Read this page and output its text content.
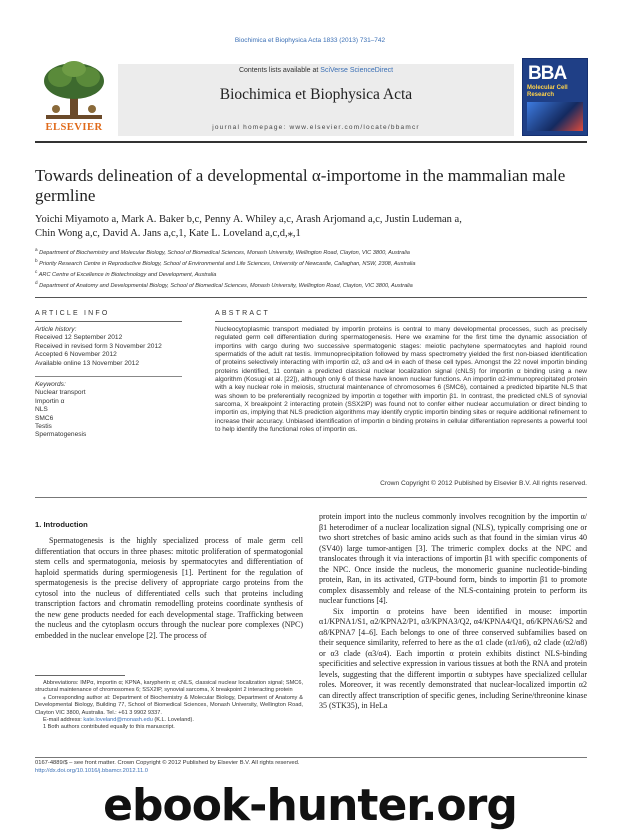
Biochimica et Biophysica Acta 1833 (2013) 731–742
ELSEVIER
Contents lists available at SciVerse ScienceDirect
Biochimica et Biophysica Acta
journal homepage: www.elsevier.com/locate/bbamcr
BBA
Molecular Cell Research
Towards delineation of a developmental α-importome in the mammalian male germline
Yoichi Miyamoto a, Mark A. Baker b,c, Penny A. Whiley a,c, Arash Arjomand a,c, Justin Ludeman a,
Chin Wong a,c, David A. Jans a,c,1, Kate L. Loveland a,c,d,⁎,1
$^a$ Department of Biochemistry and Molecular Biology, School of Biomedical Sciences, Monash University, Wellington Road, Clayton, VIC 3800, Australia
$^b$ Priority Research Centre in Reproductive Biology, School of Environmental and Life Sciences, University of Newcastle, Callaghan, NSW, 2308, Australia
$^c$ ARC Centre of Excellence in Biotechnology and Development, Australia
$^d$ Department of Anatomy and Developmental Biology, School of Biomedical Sciences, Monash University, Wellington Road, Clayton, VIC 3800, Australia
ARTICLE INFO	ABSTRACT
Article history:
Received 12 September 2012
Received in revised form 3 November 2012
Accepted 6 November 2012
Available online 13 November 2012
Keywords:
Nuclear transport
Importin α
NLS
SMC6
Testis
Spermatogenesis
Nucleocytoplasmic transport mediated by importin proteins is central to many developmental processes, such as precisely regulated germ cell differentiation during spermatogenesis. Here we examine for the first time the dynamic association of importins with cargo during two successive spermatogenic stages: meiotic pachytene spermatocytes and haploid round spermatids of the adult rat testis. Immunoprecipitation followed by mass spectrometry yielded the first non-biased identification of proteins selectively interacting with importin α2, α3 and α4 in each of these cell types. Amongst the 22 novel importin binding proteins identified, 11 contain a predicted classical nuclear localization signal (cNLS) for importin α binding using a new algorithm (Kosugi et al. [22]), although only 6 of these have known nuclear functions. An importin α2-immunoprecipitated protein with a key nuclear role in meiosis, structural maintenance of chromosomes 6 (SMC6), contained a predicted bipartite NLS that was shown to be preferentially recognized by importin α together with importin β1. In contrast, the predicted cNLS of synovial sarcoma, X breakpoint 2 interacting protein (SSX2IP) was found not to confer either nuclear accumulation or direct binding to importin αs, implying that NLS prediction algorithms may identify cryptic importin binding sites or require additional refinement to increase their accuracy. Unbiased identification of importin α binding proteins in cellular differentiation represents a powerful tool to help identify the functional roles of importin αs.
Crown Copyright © 2012 Published by Elsevier B.V. All rights reserved.
1. Introduction
Spermatogenesis is the highly specialized process of male germ cell differentiation that occurs in three phases: mitotic proliferation of spermatogonial stem cells and spermatogonia, meiosis by spermatocytes and differentiation of haploid spermatids during spermiogenesis [1]. Pertinent for the regulation of spermatogenesis is the precise delivery of appropriate cargo proteins from the cytosol into the nucleus of differentiated cells such that proteins including transcription factors and chromatin remodelling proteins coordinate synthesis of the new gene products needed for each developmental stage. Trafficking between the nucleus and the cytoplasm occurs through the nuclear pore complexes (NPC) embedded in the nuclear envelope [2]. The process of
protein import into the nucleus commonly involves recognition by the importin α/β1 heterodimer of a nuclear localization signal (NLS), typically comprising one or two short stretches of basic amino acids such as that found in the simian virus 40 (SV40) large tumor-antigen [3]. The trimeric complex docks at the NPC and translocates through it via interactions of importin β1 with specific components of the NPC. Once inside the nucleus, the monomeric guanine nucleotide-binding protein, Ran, in its activated, GTP-bound form, binds to importin β1 to promote complex disassembly and release of the NLS-containing protein to perform its nuclear functions [4].
Six importin α proteins have been identified in mouse: importin α1/KPNA1/S1, α2/KPNA2/P1, α3/KPNA3/Q2, α4/KPNA4/Q1, α6/KPNA6/S2 and α8/KPNA7 [4–6]. Each belongs to one of three conserved subfamilies based on their sequence similarity, referred to here as the α1 clade (α1/α6), α2 clade (α2/α8) or α3 clade (α3/α4). Each importin α protein exhibits distinct NLS-binding specificities and selective expression in various tissues at both the RNA and protein levels, suggesting that the different importin α subtypes have specialized cellular roles. Moreover, it was recently demonstrated that nuclear-localized importin α2 can directly affect transcription of specific genes, including Serine/threonine kinase 35 (STK35), in HeLa

Abbreviations: IMPα, importin α; KPNA, karypherin α; cNLS, classical nuclear localization signal; SMC6, structural maintenance of chromosomes 6; SSX2IP, synovial sarcoma, X breakpoint 2 interacting protein

⁎ Corresponding author at: Department of Biochemistry & Molecular Biology, Department of Anatomy & Developmental Biology, Building 77, School of Biomedical Sciences, Monash University, Wellington Road, Clayton VIC 3800, Australia. Tel.: +61 3 9902 9337.

E-mail address: kate.loveland@monash.edu (K.L. Loveland).

1 Both authors contributed equally to this manuscript.

0167-4889/$ – see front matter. Crown Copyright © 2012 Published by Elsevier B.V. All rights reserved.
http://dx.doi.org/10.1016/j.bbamcr.2012.11.0
ebook-hunter.org
